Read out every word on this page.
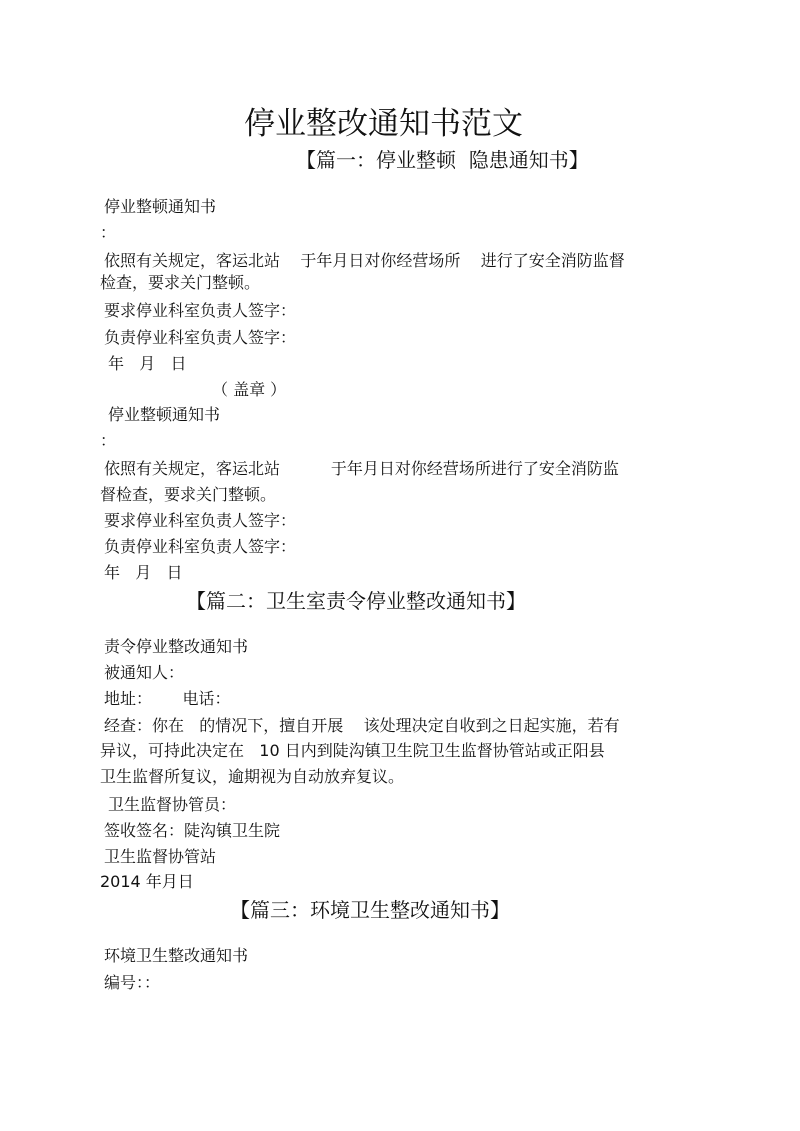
停业整改通知书范文
【篇一：停业整顿  隐患通知书】
停业整顿通知书
：
依照有关规定，客运北站    于年月日对你经营场所    进行了安全消防监督
检查，要求关门整顿。
要求停业科室负责人签字：
负责停业科室负责人签字：
年   月   日
（ 盖章 ）
停业整顿通知书
：
依照有关规定，客运北站          于年月日对你经营场所进行了安全消防监
督检查，要求关门整顿。
要求停业科室负责人签字：
负责停业科室负责人签字：
年   月   日
【篇二：卫生室责令停业整改通知书】
责令停业整改通知书
被通知人：
地址：      电话：
经查：你在   的情况下，擅自开展    该处理决定自收到之日起实施，若有
异议，可持此决定在   10 日内到陡沟镇卫生院卫生监督协管站或正阳县
卫生监督所复议，逾期视为自动放弃复议。
卫生监督协管员：
签收签名：陡沟镇卫生院
卫生监督协管站
2014 年月日
【篇三：环境卫生整改通知书】
环境卫生整改通知书
编号：：
